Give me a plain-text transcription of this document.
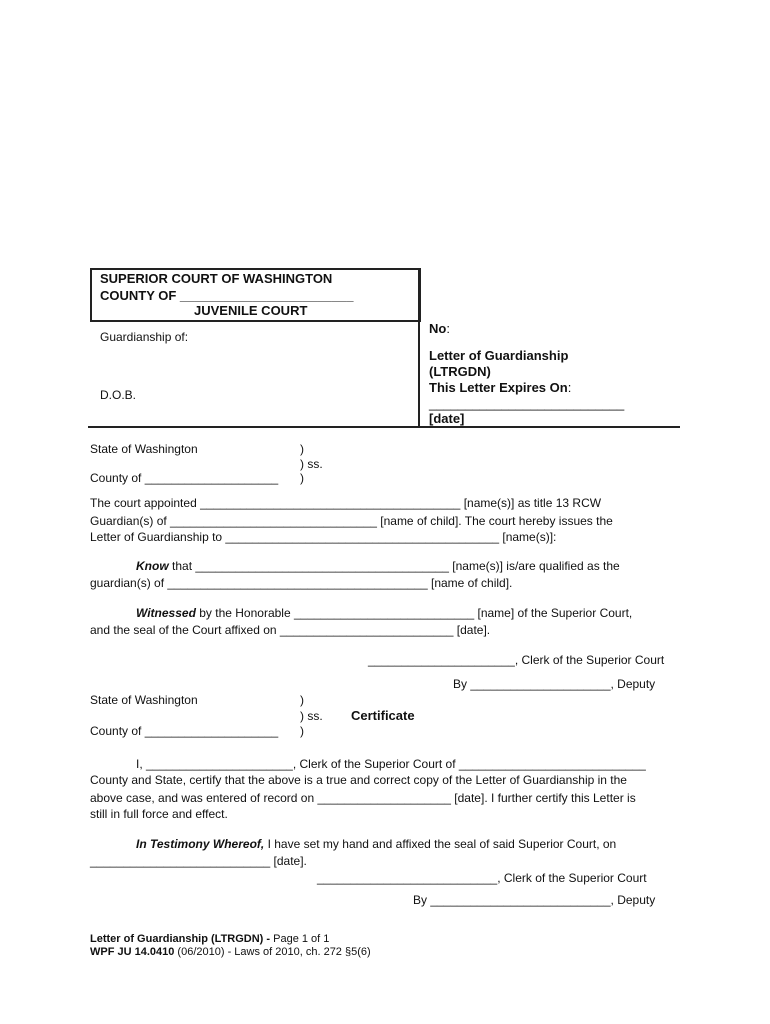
SUPERIOR COURT OF WASHINGTON
COUNTY OF ________________________
JUVENILE COURT
Guardianship of:
D.O.B.
No:
Letter of Guardianship
(LTRGDN)
This Letter Expires On:
___________________________
[date]
State of Washington	)
) ss.
County of ____________________ )
The court appointed _______________________________________ [name(s)] as title 13 RCW
Guardian(s) of _______________________________ [name of child]. The court hereby issues the
Letter of Guardianship to _________________________________________ [name(s)]:
Know that ______________________________________ [name(s)] is/are qualified as the
guardian(s) of _______________________________________ [name of child].
Witnessed by the Honorable ___________________________ [name] of the Superior Court,
and the seal of the Court affixed on __________________________ [date].
______________________, Clerk of the Superior Court
By _____________________, Deputy
State of Washington	)
) ss. Certificate
County of ____________________ )
I, ______________________, Clerk of the Superior Court of ____________________________
County and State, certify that the above is a true and correct copy of the Letter of Guardianship in the
above case, and was entered of record on ____________________ [date]. I further certify this Letter is
still in full force and effect.
In Testimony Whereof, I have set my hand and affixed the seal of said Superior Court, on
___________________________ [date].
___________________________, Clerk of the Superior Court
By ___________________________, Deputy
Letter of Guardianship (LTRGDN) - Page 1 of 1
WPF JU 14.0410 (06/2010) - Laws of 2010, ch. 272 §5(6)
